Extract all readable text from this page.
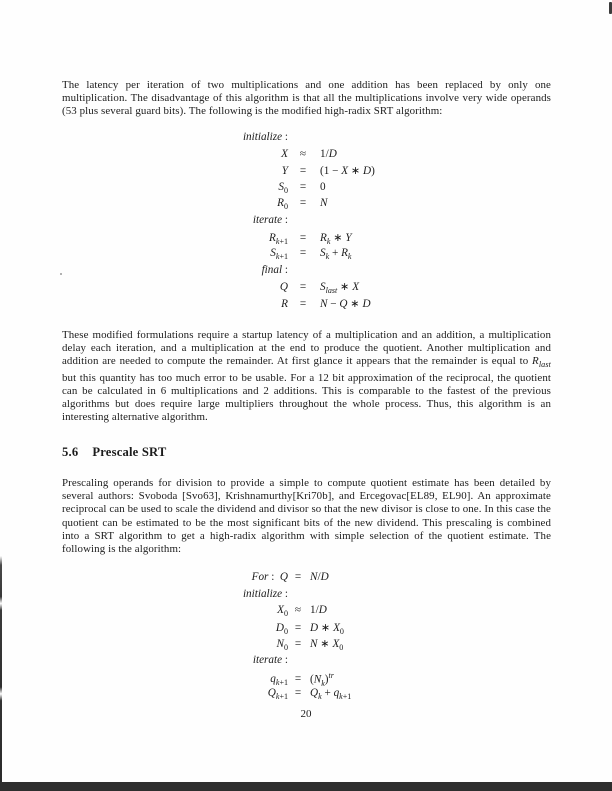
The latency per iteration of two multiplications and one addition has been replaced by only one multiplication. The disadvantage of this algorithm is that all the multiplications involve very wide operands (53 plus several guard bits). The following is the modified high-radix SRT algorithm:

initialize :
X	≈	1/D
Y	=	(1 − X ∗ D)
$S_0$	=	0
$R_0$	=	N
iterate :
$R_{k+1}$	=	$R_k$ ∗ Y
$S_{k+1}$	=	$S_k + R_k$
final :
Q	=	$S_{last}$ ∗ X
R	=	N − Q ∗ D

These modified formulations require a startup latency of a multiplication and an addition, a multiplication delay each iteration, and a multiplication at the end to produce the quotient. Another multiplication and addition are needed to compute the remainder. At first glance it appears that the remainder is equal to $R_{last}$ but this quantity has too much error to be usable. For a 12 bit approximation of the reciprocal, the quotient can be calculated in 6 multiplications and 2 additions. This is comparable to the fastest of the previous algorithms but does require large multipliers throughout the whole process. Thus, this algorithm is an interesting alternative algorithm.

5.6 Prescale SRT

Prescaling operands for division to provide a simple to compute quotient estimate has been detailed by several authors: Svoboda [Svo63], Krishnamurthy[Kri70b], and Ercegovac[EL89, EL90]. An approximate reciprocal can be used to scale the dividend and divisor so that the new divisor is close to one. In this case the quotient can be estimated to be the most significant bits of the new dividend. This prescaling is combined into a SRT algorithm to get a high-radix algorithm with simple selection of the quotient estimate. The following is the algorithm:

For :  Q = N/D
initialize :
$X_0 \approx 1/D$
$D_0 = D$ ∗ $X_0$
$N_0 = N$ ∗ $X_0$
iterate :
$q_{k+1} = (N_k)^{tr}$
$Q_{k+1} = Q_k + q_{k+1}$
20
